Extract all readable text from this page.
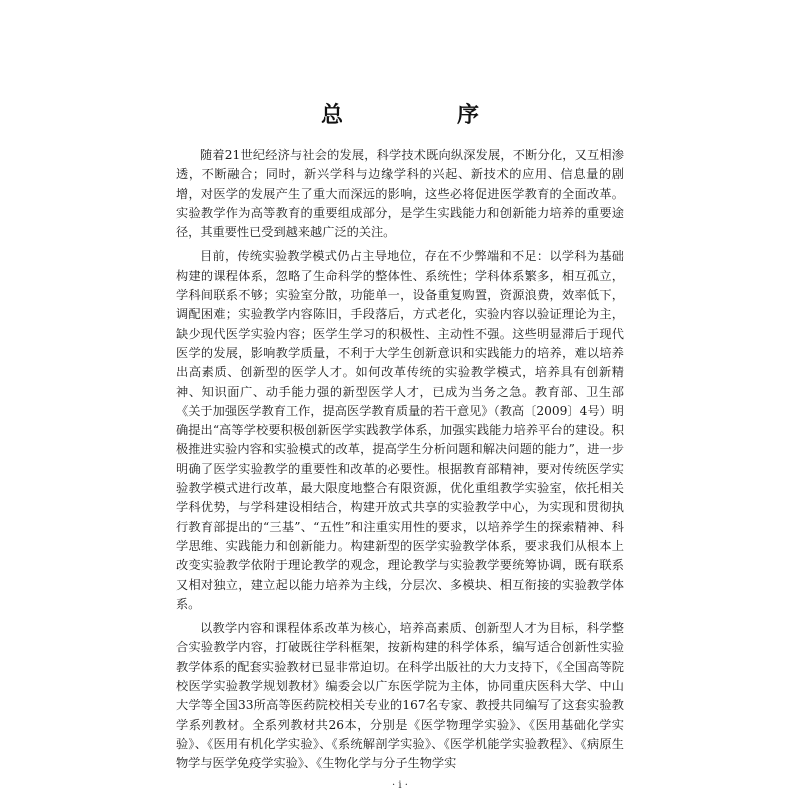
总　序

随着21世纪经济与社会的发展，科学技术既向纵深发展，不断分化，又互相渗透，不断融合；同时，新兴学科与边缘学科的兴起、新技术的应用、信息量的剧增，对医学的发展产生了重大而深远的影响，这些必将促进医学教育的全面改革。实验教学作为高等教育的重要组成部分，是学生实践能力和创新能力培养的重要途径，其重要性已受到越来越广泛的关注。

目前，传统实验教学模式仍占主导地位，存在不少弊端和不足：以学科为基础构建的课程体系，忽略了生命科学的整体性、系统性；学科体系繁多，相互孤立，学科间联系不够；实验室分散，功能单一，设备重复购置，资源浪费，效率低下，调配困难；实验教学内容陈旧，手段落后，方式老化，实验内容以验证理论为主，缺少现代医学实验内容；医学生学习的积极性、主动性不强。这些明显滞后于现代医学的发展，影响教学质量，不利于大学生创新意识和实践能力的培养，难以培养出高素质、创新型的医学人才。如何改革传统的实验教学模式，培养具有创新精神、知识面广、动手能力强的新型医学人才，已成为当务之急。教育部、卫生部《关于加强医学教育工作，提高医学教育质量的若干意见》（教高〔2009〕4号）明确提出“高等学校要积极创新医学实践教学体系，加强实践能力培养平台的建设。积极推进实验内容和实验模式的改革，提高学生分析问题和解决问题的能力”，进一步明确了医学实验教学的重要性和改革的必要性。根据教育部精神，要对传统医学实验教学模式进行改革，最大限度地整合有限资源，优化重组教学实验室，依托相关学科优势，与学科建设相结合，构建开放式共享的实验教学中心，为实现和贯彻执行教育部提出的“三基”、“五性”和注重实用性的要求，以培养学生的探索精神、科学思维、实践能力和创新能力。构建新型的医学实验教学体系，要求我们从根本上改变实验教学依附于理论教学的观念，理论教学与实验教学要统筹协调，既有联系又相对独立，建立起以能力培养为主线，分层次、多模块、相互衔接的实验教学体系。

以教学内容和课程体系改革为核心，培养高素质、创新型人才为目标，科学整合实验教学内容，打破既往学科框架，按新构建的科学体系，编写适合创新性实验教学体系的配套实验教材已显非常迫切。在科学出版社的大力支持下，《全国高等院校医学实验教学规划教材》编委会以广东医学院为主体，协同重庆医科大学、中山大学等全国33所高等医药院校相关专业的167名专家、教授共同编写了这套实验教学系列教材。全系列教材共26本，分别是《医学物理学实验》、《医用基础化学实验》、《医用有机化学实验》、《系统解剖学实验》、《医学机能学实验教程》、《病原生物学与医学免疫学实验》、《生物化学与分子生物学实

· i ·
